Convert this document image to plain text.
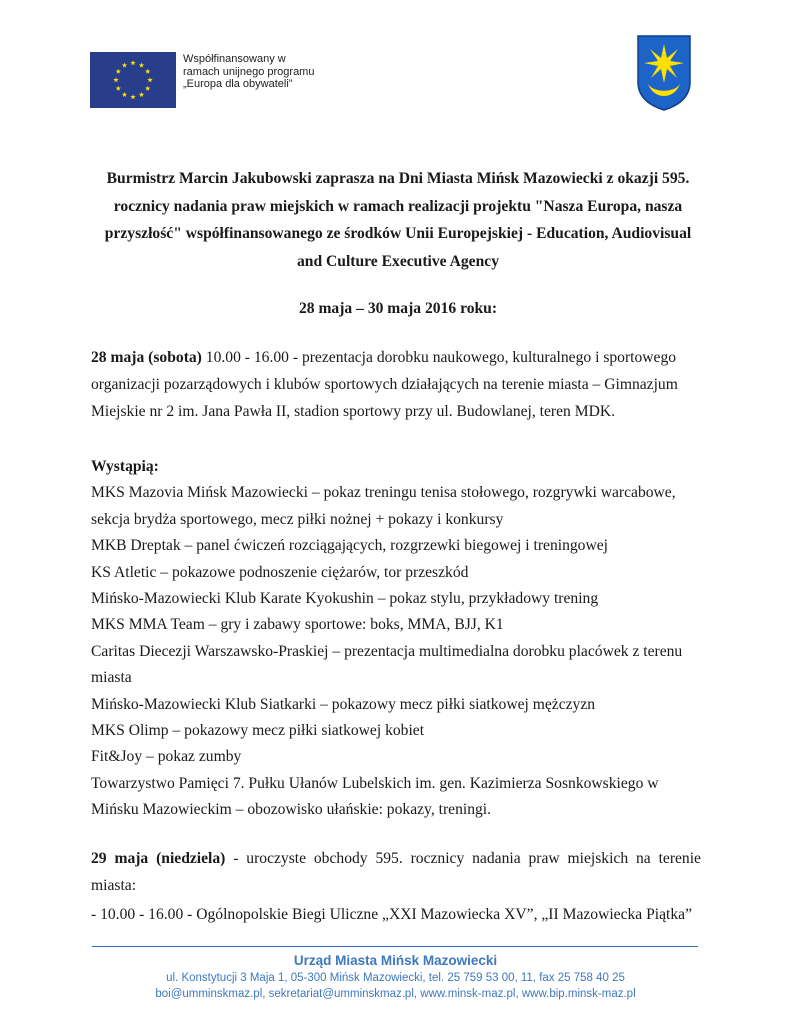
Współfinansowany w ramach unijnego programu „Europa dla obywateli”
Burmistrz Marcin Jakubowski zaprasza na Dni Miasta Mińsk Mazowiecki z okazji 595. rocznicy nadania praw miejskich w ramach realizacji projektu "Nasza Europa, nasza przyszłość" współfinansowanego ze środków Unii Europejskiej - Education, Audiovisual and Culture Executive Agency
28 maja – 30 maja 2016 roku:
28 maja (sobota) 10.00 - 16.00 - prezentacja dorobku naukowego, kulturalnego i sportowego organizacji pozarządowych i klubów sportowych działających na terenie miasta – Gimnazjum Miejskie nr 2 im. Jana Pawła II, stadion sportowy przy ul. Budowlanej, teren MDK.
Wystąpią:
MKS Mazovia Mińsk Mazowiecki – pokaz treningu tenisa stołowego, rozgrywki warcabowe, sekcja brydża sportowego, mecz piłki nożnej + pokazy i konkursy
MKB Dreptak – panel ćwiczeń rozciągających, rozgrzewki biegowej i treningowej
KS Atletic – pokazowe podnoszenie ciężarów, tor przeszkód
Mińsko-Mazowiecki Klub Karate Kyokushin – pokaz stylu, przykładowy trening
MKS MMA Team – gry i zabawy sportowe: boks, MMA, BJJ, K1
Caritas Diecezji Warszawsko-Praskiej – prezentacja multimedialna dorobku placówek z terenu miasta
Mińsko-Mazowiecki Klub Siatkarki – pokazowy mecz piłki siatkowej mężczyzn
MKS Olimp – pokazowy mecz piłki siatkowej kobiet
Fit&Joy – pokaz zumby
Towarzystwo Pamięci 7. Pułku Ułanów Lubelskich im. gen. Kazimierza Sosnkowskiego w Mińsku Mazowieckim – obozowisko ułańskie: pokazy, treningi.
29 maja (niedziela) - uroczyste obchody 595. rocznicy nadania praw miejskich na terenie miasta:
- 10.00 - 16.00 - Ogólnopolskie Biegi Uliczne „XXI Mazowiecka XV”, „II Mazowiecka Piątka”
Urząd Miasta Mińsk Mazowiecki
ul. Konstytucji 3 Maja 1, 05-300 Mińsk Mazowiecki, tel. 25 759 53 00, 11, fax 25 758 40 25
boi@umminskmaz.pl, sekretariat@umminskmaz.pl, www.minsk-maz.pl, www.bip.minsk-maz.pl
